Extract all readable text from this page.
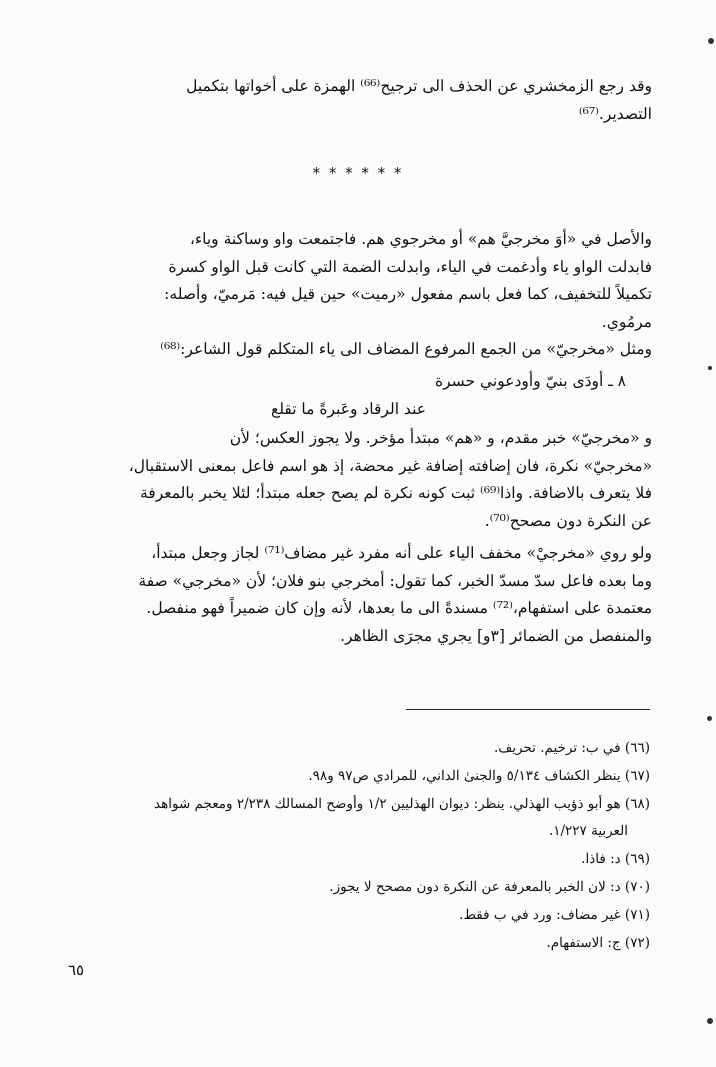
وقد رجع الزمخشري عن الحذف الى ترجيح⁽⁶⁶⁾ الهمزة على أخواتها بتكميل
التصدير.⁽⁶⁷⁾
* * * * * *
والأصل في «أوَ مخرجيَّ هم» أو مخرجوي هم. فاجتمعت واو وساكنة وياء،
فابدلت الواو ياء وأدغمت في الياء، وابدلت الضمة التي كانت قبل الواو كسرة
تكميلاً للتخفيف، كما فعل باسم مفعول «رميت» حين قيل فيه: مَرميّ، وأصله:
مرمُوي.
ومثل «مخرجيّ» من الجمع المرفوع المضاف الى ياء المتكلم قول الشاعر:⁽⁶⁸⁾
٨ ـ أودَى بنيّ وأودعوني حسرة
عند الرقاد وعَبرةً ما تقلع
و «مخرجيّ» خبر مقدم، و «هم» مبتدأ مؤخر. ولا يجوز العكس؛ لأن
«مخرجيّ» نكرة، فان إضافته إضافة غير محضة، إذ هو اسم فاعل بمعنى الاستقبال،
فلا يتعرف بالاضافة. واذا⁽⁶⁹⁾ ثبت كونه نكرة لم يصح جعله مبتدأ؛ لئلا يخبر بالمعرفة
عن النكرة دون مصحح⁽⁷⁰⁾.
ولو روي «مخرجيْ» مخفف الياء على أنه مفرد غير مضاف⁽⁷¹⁾ لجاز وجعل مبتدأ،
وما بعده فاعل سدّ مسدّ الخبر، كما تقول: أمخرجي بنو فلان؛ لأن «مخرجي» صفة
معتمدة على استفهام،⁽⁷²⁾ مسندةً الى ما بعدها، لأنه وإن كان ضميراً فهو منفصل.
والمنفصل من الضمائر [٣و] يجري مجرَى الظاهر.
(٦٦) في ب: ترخيم. تحريف.
(٦٧) ينظر الكشاف ٥/١٣٤ والجنىٰ الداني، للمرادي ص٩٧ و٩٨.
(٦٨) هو أبو ذؤيب الهذلي. ينظر: ديوان الهذليين ١/٢ وأوضح المسالك ٢/٢٣٨ ومعجم شواهد
العربية ١/٢٢٧.
(٦٩) د: فاذا.
(٧٠) د: لان الخبر بالمعرفة عن النكرة دون مصحح لا يجوز.
(٧١) غير مضاف: ورد في ب فقط.
(٧٢) ج: الاستفهام.
٦٥
